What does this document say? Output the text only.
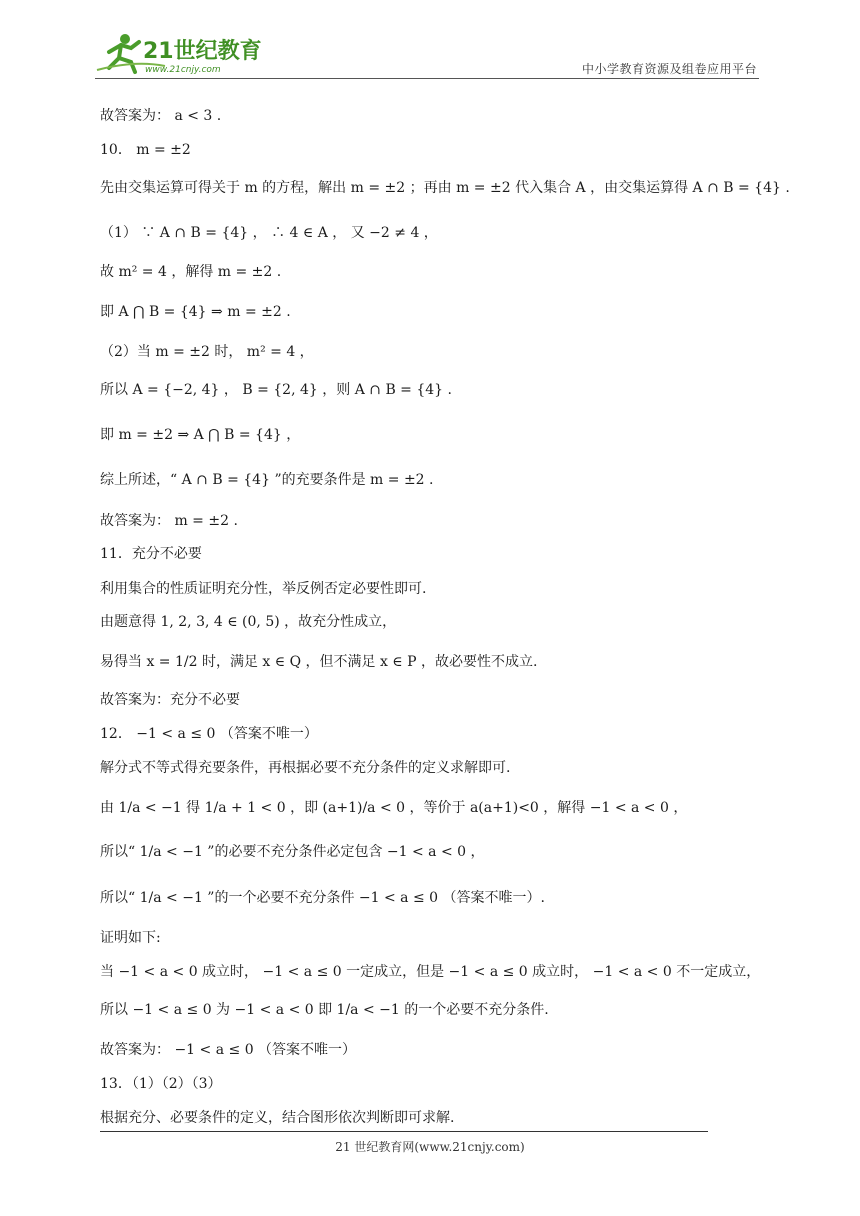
21世纪教育
www.21cnjy.com	中小学教育资源及组卷应用平台
故答案为： a < 3 .
10． m = ±2
先由交集运算可得关于 m 的方程，解出 m = ±2 ；再由 m = ±2 代入集合 A ，由交集运算得 A ∩ B = {4} .
（1） ∵ A ∩ B = {4} ， ∴ 4 ∈ A ， 又 −2 ≠ 4 ，
故 m² = 4 ，解得 m = ±2 .
即 A ⋂ B = {4} ⇒ m = ±2 .
（2）当 m = ±2 时， m² = 4 ，
所以 A = {−2, 4} ， B = {2, 4} ，则 A ∩ B = {4} .
即 m = ±2 ⇒ A ⋂ B = {4} ，
综上所述，“ A ∩ B = {4} ”的充要条件是 m = ±2 .
故答案为： m = ±2 .
11．充分不必要
利用集合的性质证明充分性，举反例否定必要性即可.
由题意得 1, 2, 3, 4 ∈ (0, 5) ，故充分性成立，
易得当 x = 1/2 时，满足 x ∈ Q ，但不满足 x ∈ P ，故必要性不成立.
故答案为：充分不必要
12． −1 < a ≤ 0 （答案不唯一）
解分式不等式得充要条件，再根据必要不充分条件的定义求解即可.
由 1/a < −1 得 1/a + 1 < 0 ，即 (a+1)/a < 0 ，等价于 a(a+1)<0 ，解得 −1 < a < 0 ，
所以“ 1/a < −1 ”的必要不充分条件必定包含 −1 < a < 0 ，
所以“ 1/a < −1 ”的一个必要不充分条件 −1 < a ≤ 0 （答案不唯一）.
证明如下:
当 −1 < a < 0 成立时， −1 < a ≤ 0 一定成立，但是 −1 < a ≤ 0 成立时， −1 < a < 0 不一定成立，
所以 −1 < a ≤ 0 为 −1 < a < 0 即 1/a < −1 的一个必要不充分条件.
故答案为： −1 < a ≤ 0 （答案不唯一）
13．（1）（2）（3）
根据充分、必要条件的定义，结合图形依次判断即可求解.
21 世纪教育网(www.21cnjy.com)
